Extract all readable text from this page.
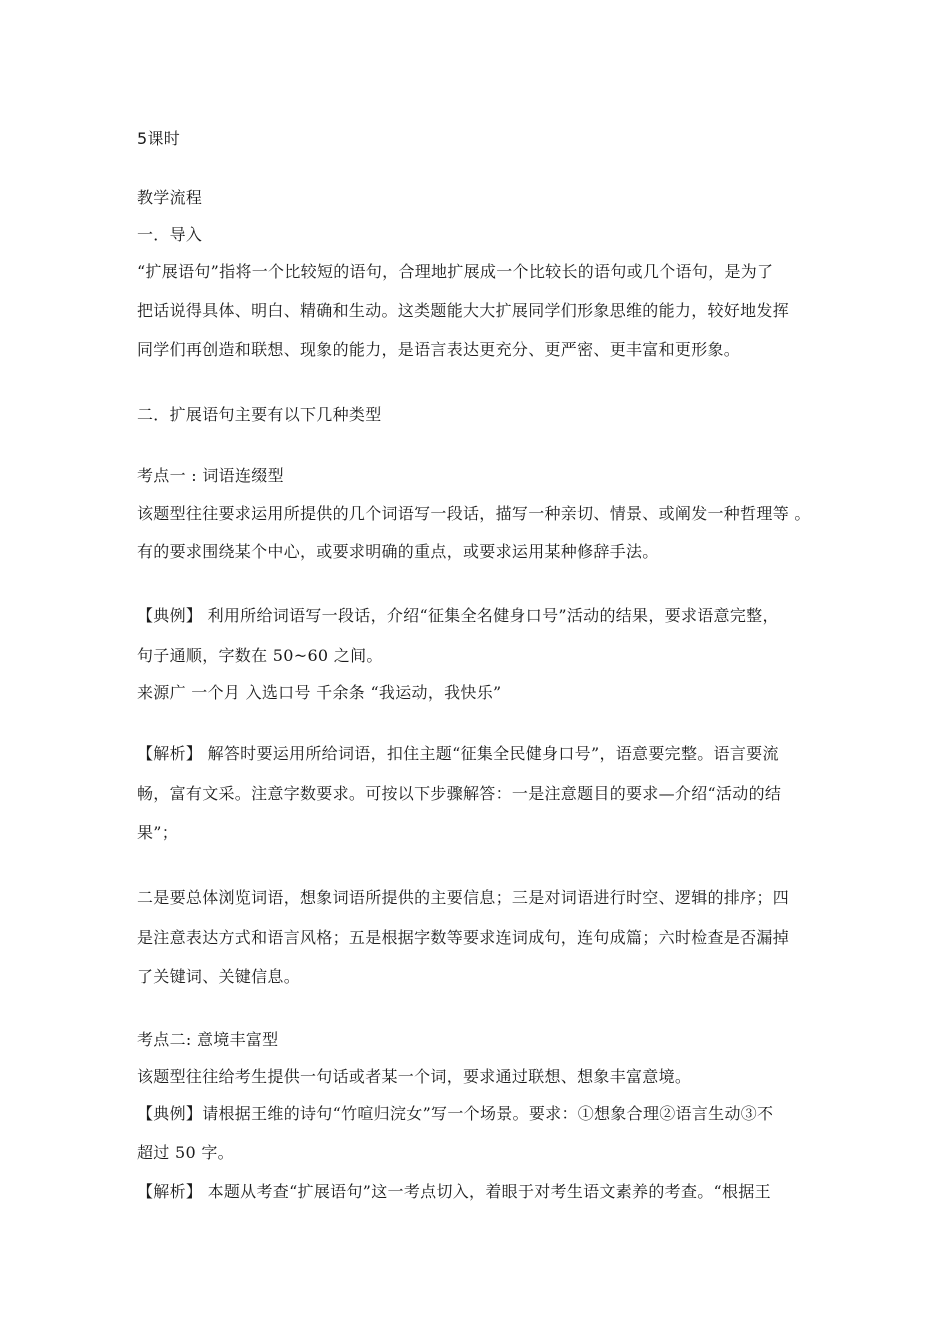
5课时
教学流程
一．导入
“扩展语句”指将一个比较短的语句，合理地扩展成一个比较长的语句或几个语句，是为了
把话说得具体、明白、精确和生动。这类题能大大扩展同学们形象思维的能力，较好地发挥
同学们再创造和联想、现象的能力，是语言表达更充分、更严密、更丰富和更形象。
二．扩展语句主要有以下几种类型
考点一 : 词语连缀型
该题型往往要求运用所提供的几个词语写一段话，描写一种亲切、情景、或阐发一种哲理等 。
有的要求围绕某个中心，或要求明确的重点，或要求运用某种修辞手法。
【典例】 利用所给词语写一段话，介绍“征集全名健身口号”活动的结果，要求语意完整，
句子通顺，字数在 50~60 之间。
来源广 一个月 入选口号 千余条 “我运动，我快乐”
【解析】 解答时要运用所给词语，扣住主题“征集全民健身口号”，语意要完整。语言要流
畅，富有文采。注意字数要求。可按以下步骤解答：一是注意题目的要求—介绍“活动的结
果”；
二是要总体浏览词语，想象词语所提供的主要信息；三是对词语进行时空、逻辑的排序；四
是注意表达方式和语言风格；五是根据字数等要求连词成句，连句成篇；六时检查是否漏掉
了关键词、关键信息。
考点二: 意境丰富型
该题型往往给考生提供一句话或者某一个词，要求通过联想、想象丰富意境。
【典例】请根据王维的诗句“竹喧归浣女”写一个场景。要求：①想象合理②语言生动③不
超过 50 字。
【解析】 本题从考查“扩展语句”这一考点切入，着眼于对考生语文素养的考查。“根据王
